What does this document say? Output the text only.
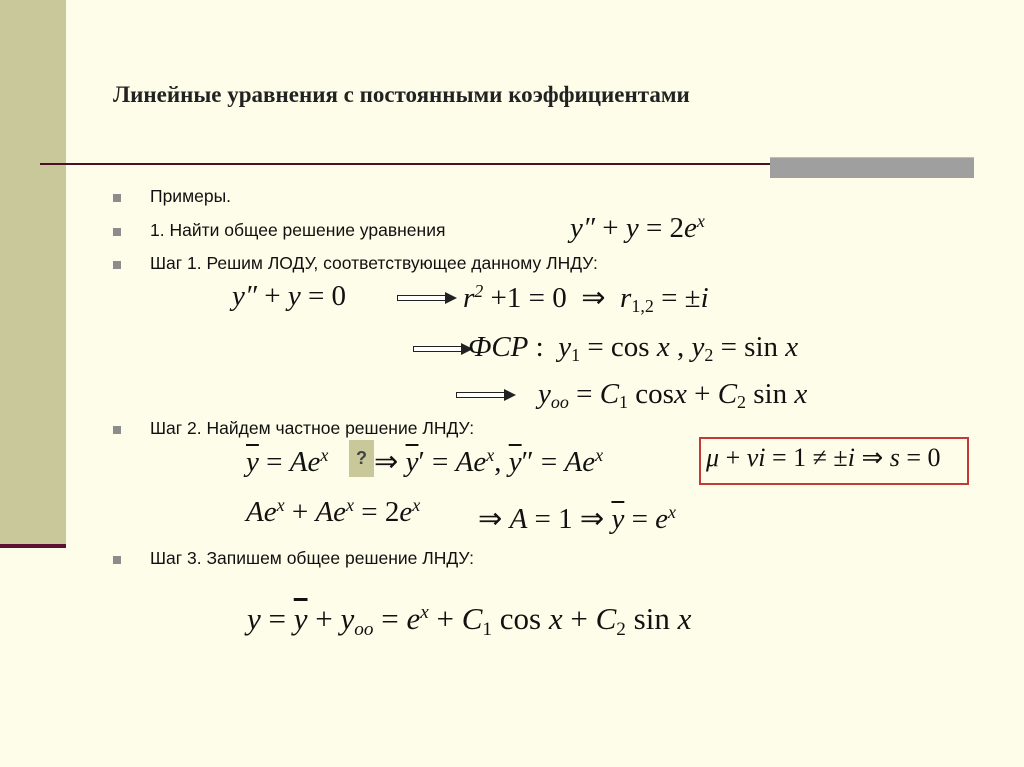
Линейные уравнения с постоянными коэффициентами
Примеры.
1. Найти общее решение уравнения
Шаг 1. Решим ЛОДУ, соответствующее данному ЛНДУ:
Шаг 2. Найдем частное решение ЛНДУ:
Шаг 3. Запишем общее решение ЛНДУ:
$y'' + y = 2e^x$
y″ + y = 0	$r^2 +1 = 0$  ⇒  $r_{1,2} = \pm i$
ФСР :  $y_1 = \cos x$ , $y_2 = \sin x$
$y_{oo} = C_1$ $\cos x + C_2$ sin x
$\overline{y} = Ae^x$ ? ⇒ $\overline{y}' = Ae^x$, $\overline{y}'' = Ae^x$	μ + νi = 1 ≠ ±i ⇒ s = 0
$Ae^x + Ae^x = 2e^x$ ⇒ A = 1 ⇒ $\overline{y} = e^x$
$y = \overline{y} + y_{oo} = e^x + C_1$ $\cos x + C_2$ sin x
